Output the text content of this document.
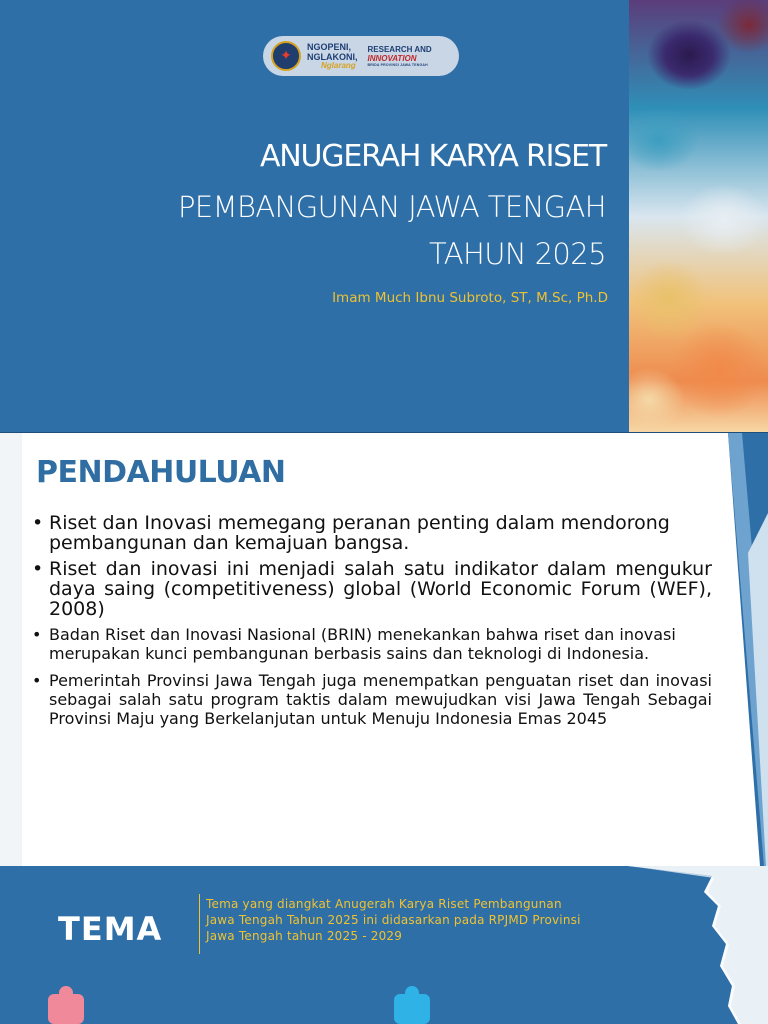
✦
NGOPENI,
NGLAKONI,
Nglarang
RESEARCH AND
INNOVATION
BRIDA PROVINSI JAWA TENGAH
ANUGERAH KARYA RISET
PEMBANGUNAN JAWA TENGAH
TAHUN 2025
Imam Much Ibnu Subroto, ST, M.Sc, Ph.D
PENDAHULUAN
• Riset dan Inovasi memegang peranan penting dalam mendorong pembangunan dan kemajuan bangsa.
• Riset dan inovasi ini menjadi salah satu indikator dalam mengukur daya saing (competitiveness) global (World Economic Forum (WEF), 2008)
• Badan Riset dan Inovasi Nasional (BRIN) menekankan bahwa riset dan inovasi merupakan kunci pembangunan berbasis sains dan teknologi di Indonesia.
• Pemerintah Provinsi Jawa Tengah juga menempatkan penguatan riset dan inovasi sebagai salah satu program taktis dalam mewujudkan visi Jawa Tengah Sebagai Provinsi Maju yang Berkelanjutan untuk Menuju Indonesia Emas 2045
TEMA

Tema yang diangkat Anugerah Karya Riset Pembangunan Jawa Tengah Tahun 2025 ini didasarkan pada RPJMD Provinsi Jawa Tengah tahun 2025 - 2029
